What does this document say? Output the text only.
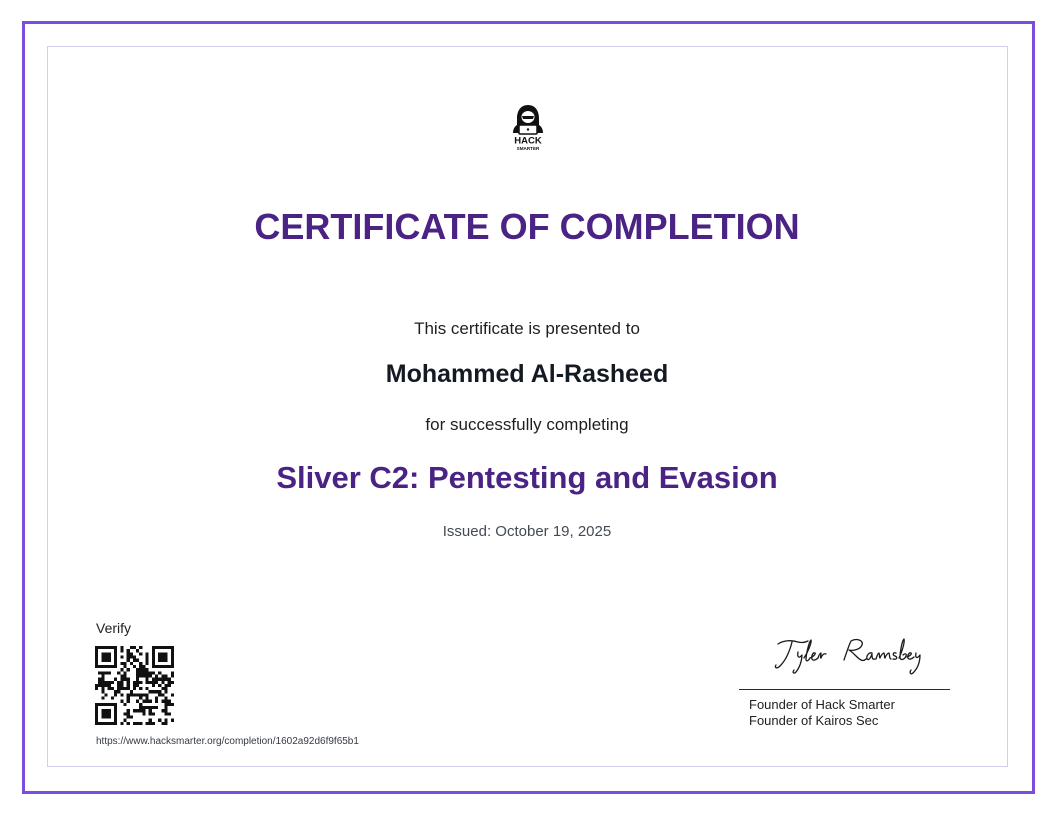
HACK
SMARTER
CERTIFICATE OF COMPLETION
This certificate is presented to
Mohammed Al-Rasheed
for successfully completing
Sliver C2: Pentesting and Evasion
Issued: October 19, 2025
Verify
https://www.hacksmarter.org/completion/1602a92d6f9f65b1
Founder of Hack Smarter
Founder of Kairos Sec
